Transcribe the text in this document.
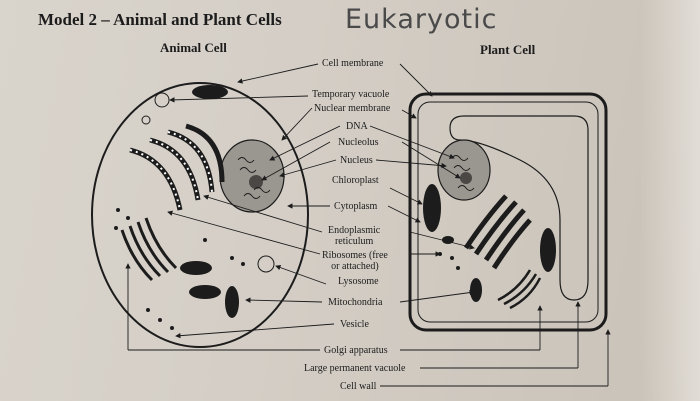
Model 2 – Animal and Plant Cells Eukaryotic
Animal Cell	Plant Cell
Cell membrane
Temporary vacuole
Nuclear membrane
DNA
Nucleolus
Nucleus
Chloroplast
Cytoplasm
Endoplasmic
reticulum
Ribosomes (free
or attached)
Lysosome
Mitochondria
Vesicle
Golgi apparatus
Large permanent vacuole
Cell wall
